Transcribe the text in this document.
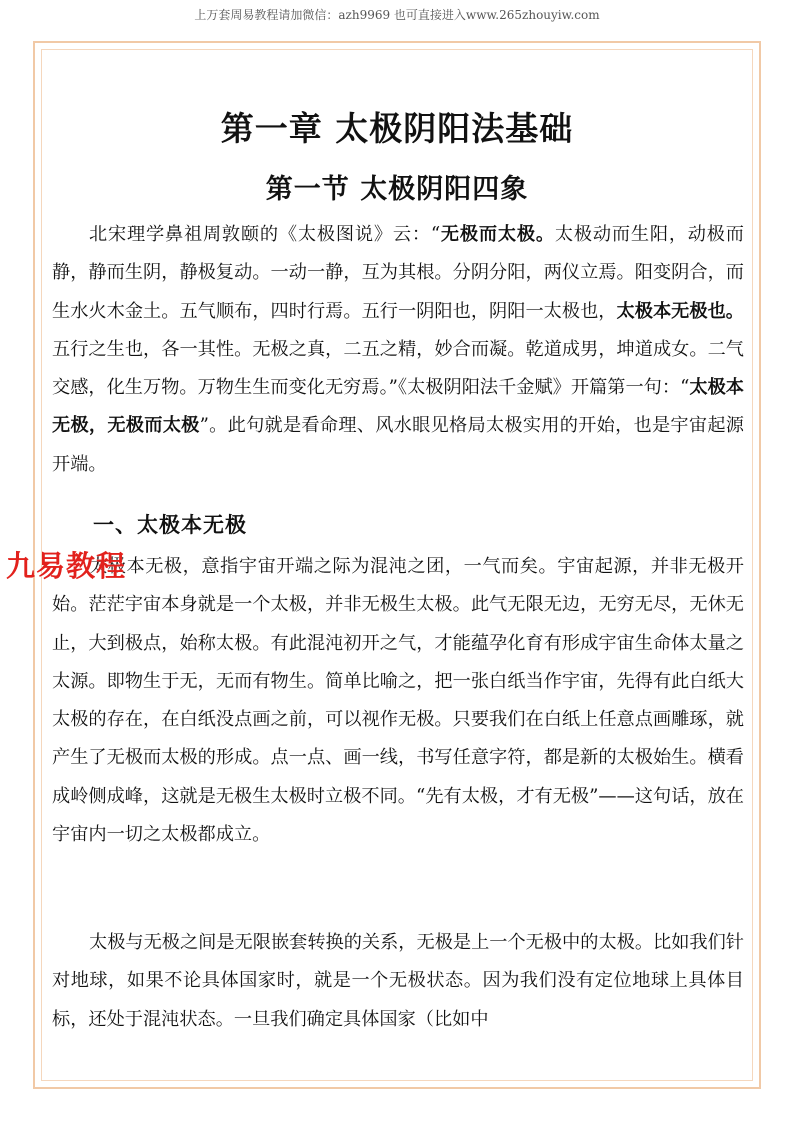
上万套周易教程请加微信：azh9969 也可直接进入www.265zhouyiw.com
第一章 太极阴阳法基础
第一节 太极阴阳四象
北宋理学鼻祖周敦颐的《太极图说》云：“无极而太极。太极动而生阳，动极而静，静而生阴，静极复动。一动一静，互为其根。分阴分阳，两仪立焉。阳变阴合，而生水火木金土。五气顺布，四时行焉。五行一阴阳也，阴阳一太极也，太极本无极也。五行之生也，各一其性。无极之真，二五之精，妙合而凝。乾道成男，坤道成女。二气交感，化生万物。万物生生而变化无穷焉。”《太极阴阳法千金赋》开篇第一句：“太极本无极，无极而太极”。此句就是看命理、风水眼见格局太极实用的开始，也是宇宙起源开端。
一、太极本无极
太极本无极，意指宇宙开端之际为混沌之团，一气而矣。宇宙起源，并非无极开始。茫茫宇宙本身就是一个太极，并非无极生太极。此气无限无边，无穷无尽，无休无止，大到极点，始称太极。有此混沌初开之气，才能蕴孕化育有形成宇宙生命体太量之太源。即物生于无，无而有物生。简单比喻之，把一张白纸当作宇宙，先得有此白纸大太极的存在，在白纸没点画之前，可以视作无极。只要我们在白纸上任意点画雕琢，就产生了无极而太极的形成。点一点、画一线，书写任意字符，都是新的太极始生。横看成岭侧成峰，这就是无极生太极时立极不同。“先有太极，才有无极”——这句话，放在宇宙内一切之太极都成立。
九易教程
太极与无极之间是无限嵌套转换的关系，无极是上一个无极中的太极。比如我们针对地球，如果不论具体国家时，就是一个无极状态。因为我们没有定位地球上具体目标，还处于混沌状态。一旦我们确定具体国家（比如中
